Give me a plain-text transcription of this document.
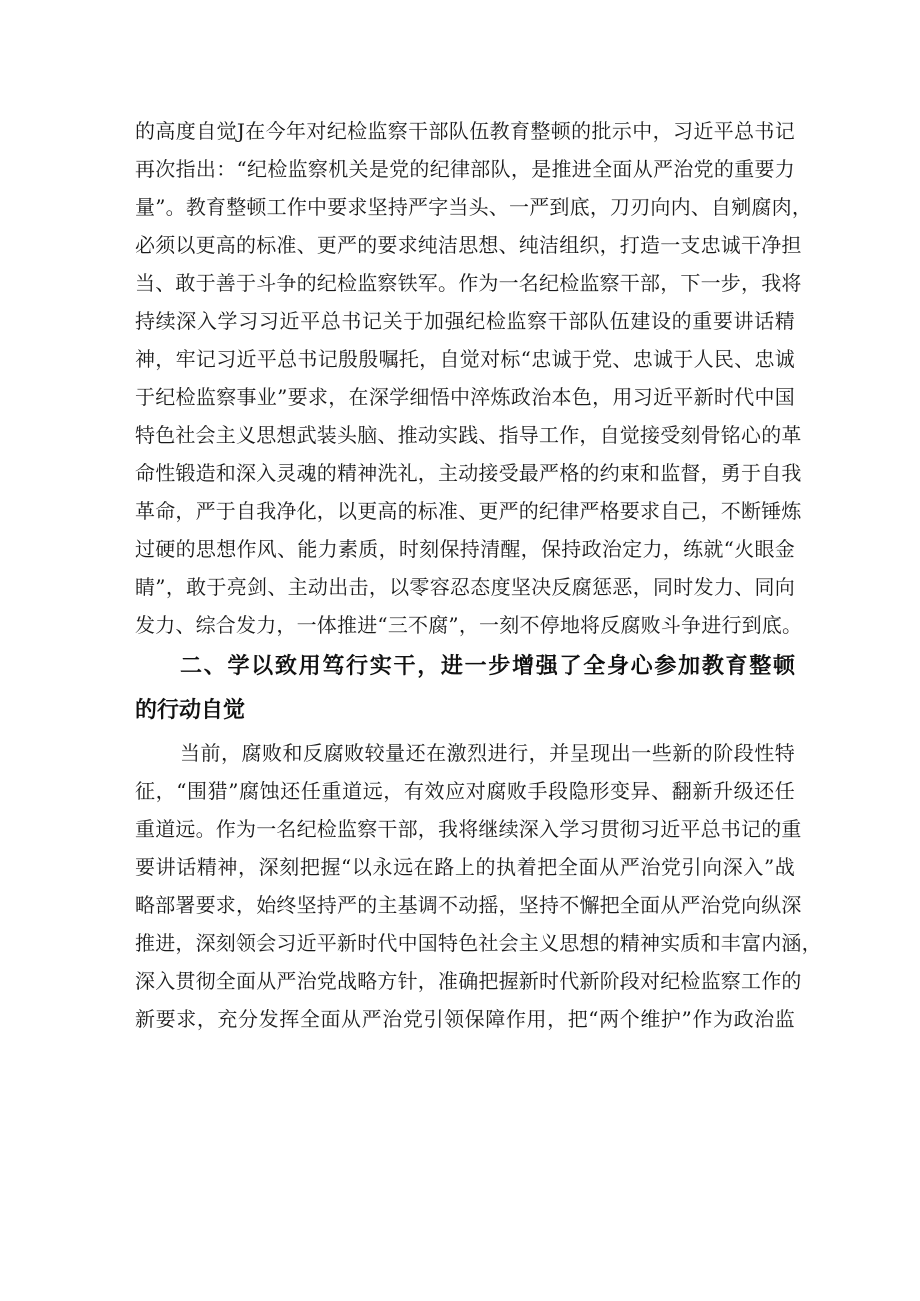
的高度自觉J在今年对纪检监察干部队伍教育整顿的批示中，习近平总书记
再次指出：“纪检监察机关是党的纪律部队，是推进全面从严治党的重要力
量”。教育整顿工作中要求坚持严字当头、一严到底，刀刃向内、自剜腐肉，
必须以更高的标准、更严的要求纯洁思想、纯洁组织，打造一支忠诚干净担
当、敢于善于斗争的纪检监察铁军。作为一名纪检监察干部，下一步，我将
持续深入学习习近平总书记关于加强纪检监察干部队伍建设的重要讲话精
神，牢记习近平总书记殷殷嘱托，自觉对标“忠诚于党、忠诚于人民、忠诚
于纪检监察事业”要求，在深学细悟中淬炼政治本色，用习近平新时代中国
特色社会主义思想武装头脑、推动实践、指导工作，自觉接受刻骨铭心的革
命性锻造和深入灵魂的精神洗礼，主动接受最严格的约束和监督，勇于自我
革命，严于自我净化，以更高的标准、更严的纪律严格要求自己，不断锤炼
过硬的思想作风、能力素质，时刻保持清醒，保持政治定力，练就“火眼金
睛”，敢于亮剑、主动出击，以零容忍态度坚决反腐惩恶，同时发力、同向
发力、综合发力，一体推进“三不腐”，一刻不停地将反腐败斗争进行到底。
二、学以致用笃行实干，进一步增强了全身心参加教育整顿
的行动自觉
当前，腐败和反腐败较量还在激烈进行，并呈现出一些新的阶段性特
征，“围猎”腐蚀还任重道远，有效应对腐败手段隐形变异、翻新升级还任
重道远。作为一名纪检监察干部，我将继续深入学习贯彻习近平总书记的重
要讲话精神，深刻把握“以永远在路上的执着把全面从严治党引向深入”战
略部署要求，始终坚持严的主基调不动摇，坚持不懈把全面从严治党向纵深
推进，深刻领会习近平新时代中国特色社会主义思想的精神实质和丰富内涵，
深入贯彻全面从严治党战略方针，准确把握新时代新阶段对纪检监察工作的
新要求，充分发挥全面从严治党引领保障作用，把“两个维护”作为政治监
